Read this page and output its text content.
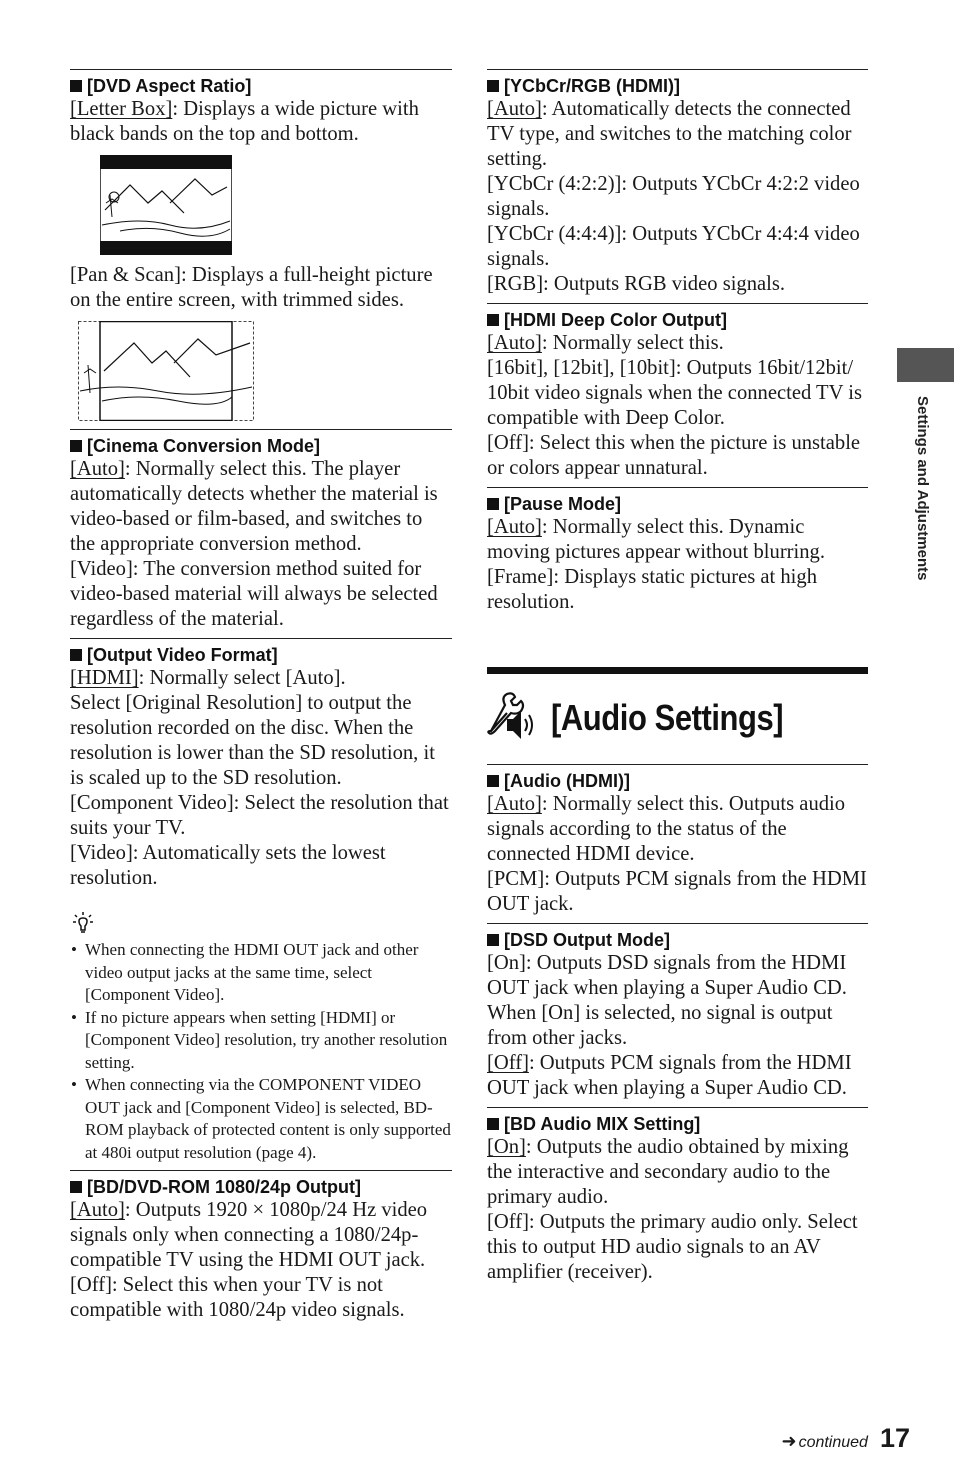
[DVD Aspect Ratio]

[Letter Box]: Displays a wide picture with black bands on the top and bottom.

[Pan & Scan]: Displays a full-height picture on the entire screen, with trimmed sides.

[Cinema Conversion Mode]

[Auto]: Normally select this. The player automatically detects whether the material is video-based or film-based, and switches to the appropriate conversion method.

[Video]: The conversion method suited for video-based material will always be selected regardless of the material.

[Output Video Format]

[HDMI]: Normally select [Auto].

Select [Original Resolution] to output the resolution recorded on the disc. When the resolution is lower than the SD resolution, it is scaled up to the SD resolution.

[Component Video]: Select the resolution that suits your TV.

[Video]: Automatically sets the lowest resolution.

• When connecting the HDMI OUT jack and other video output jacks at the same time, select [Component Video].
• If no picture appears when setting [HDMI] or [Component Video] resolution, try another resolution setting.
• When connecting via the COMPONENT VIDEO OUT jack and [Component Video] is selected, BD-ROM playback of protected content is only supported at 480i output resolution (page 4).
[BD/DVD-ROM 1080/24p Output]

[Auto]: Outputs 1920 × 1080p/24 Hz video signals only when connecting a 1080/24p-compatible TV using the HDMI OUT jack.

[Off]: Select this when your TV is not compatible with 1080/24p video signals.

[YCbCr/RGB (HDMI)]

[Auto]: Automatically detects the connected TV type, and switches to the matching color setting.

[YCbCr (4:2:2)]: Outputs YCbCr 4:2:2 video signals.

[YCbCr (4:4:4)]: Outputs YCbCr 4:4:4 video signals.

[RGB]: Outputs RGB video signals.

[HDMI Deep Color Output]

[Auto]: Normally select this.

[16bit], [12bit], [10bit]: Outputs 16bit/12bit/ 10bit video signals when the connected TV is compatible with Deep Color.

[Off]: Select this when the picture is unstable or colors appear unnatural.

[Pause Mode]

[Auto]: Normally select this. Dynamic moving pictures appear without blurring.

[Frame]: Displays static pictures at high resolution.

[Audio Settings]
[Audio (HDMI)]

[Auto]: Normally select this. Outputs audio signals according to the status of the connected HDMI device.

[PCM]: Outputs PCM signals from the HDMI OUT jack.

[DSD Output Mode]

[On]: Outputs DSD signals from the HDMI OUT jack when playing a Super Audio CD. When [On] is selected, no signal is output from other jacks.

[Off]: Outputs PCM signals from the HDMI OUT jack when playing a Super Audio CD.

[BD Audio MIX Setting]

[On]: Outputs the audio obtained by mixing the interactive and secondary audio to the primary audio.

[Off]: Outputs the primary audio only. Select this to output HD audio signals to an AV amplifier (receiver).

Settings and Adjustments
➜ continued 17
